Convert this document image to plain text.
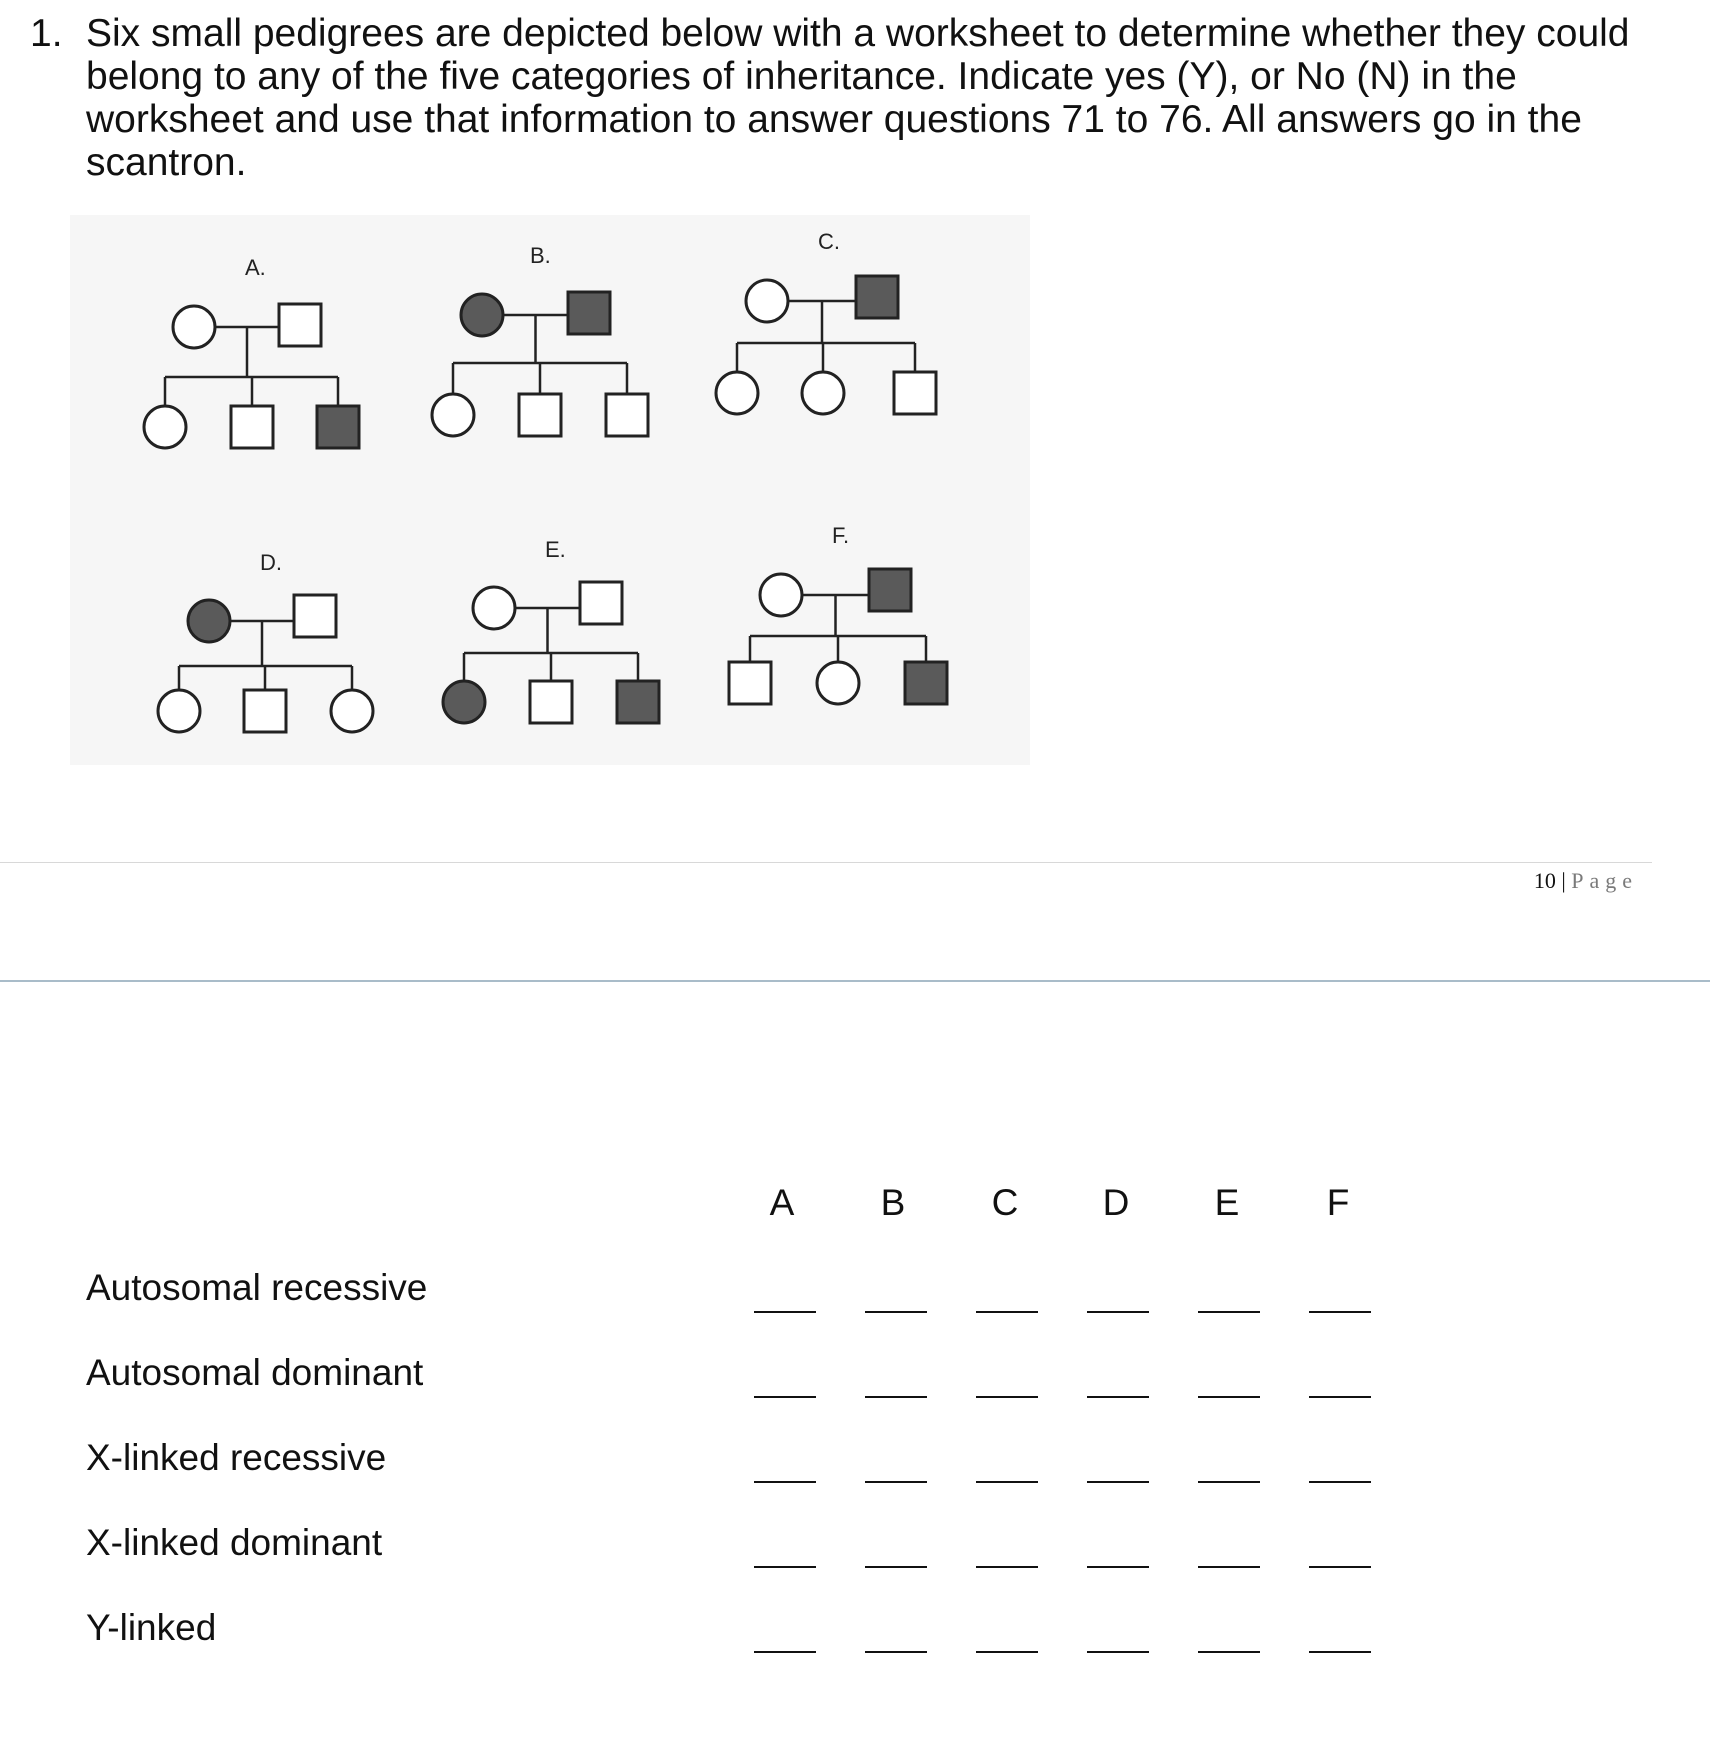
1. Six small pedigrees are depicted below with a worksheet to determine whether they could belong to any of the five categories of inheritance. Indicate yes (Y), or No (N) in the worksheet and use that information to answer questions 71 to 76. All answers go in the scantron.
A.	B.
C.
D.
E.
F.
10 | Page
A	B	C	D	E	F
Autosomal recessive
Autosomal dominant
X-linked recessive
X-linked dominant
Y-linked
